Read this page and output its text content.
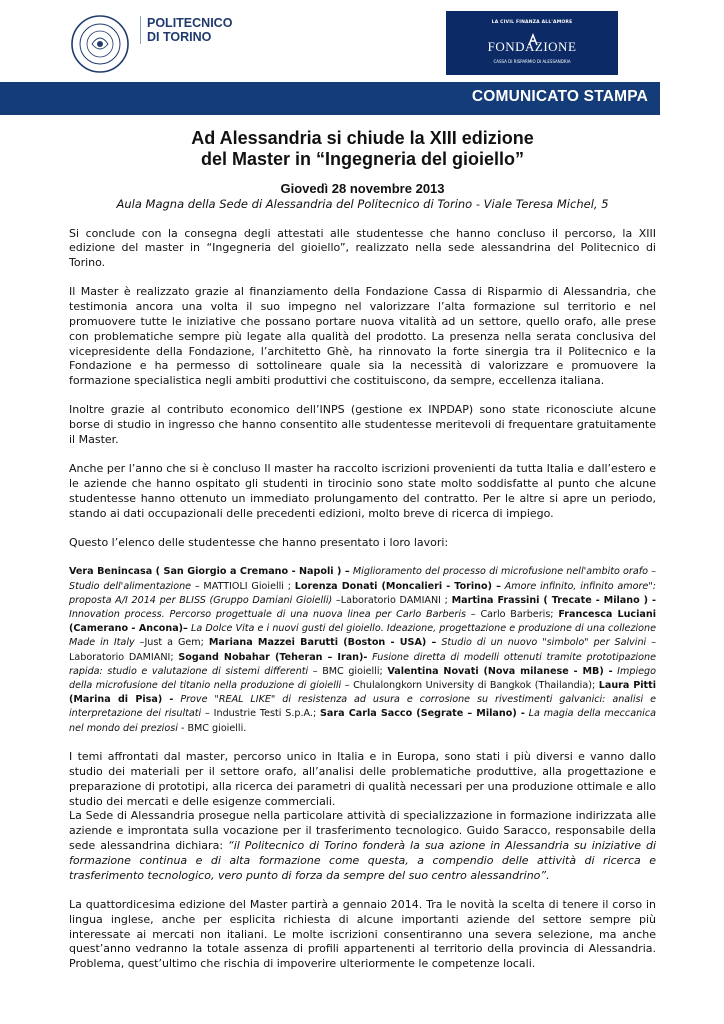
POLITECNICO
DI TORINO
LA CIVIL FINANZA ALL'AMORE
FONDAZIONE
CASSA DI RISPARMIO DI ALESSANDRIA
COMUNICATO STAMPA
Ad Alessandria si chiude la XIII edizione
del Master in “Ingegneria del gioiello”
Giovedì 28 novembre 2013
Aula Magna della Sede di Alessandria del Politecnico di Torino - Viale Teresa Michel, 5

Si conclude con la consegna degli attestati alle studentesse che hanno concluso il percorso, la XIII edizione del master in “Ingegneria del gioiello”, realizzato nella sede alessandrina del Politecnico di Torino.

Il Master è realizzato grazie al finanziamento della Fondazione Cassa di Risparmio di Alessandria, che testimonia ancora una volta il suo impegno nel valorizzare l’alta formazione sul territorio e nel promuovere tutte le iniziative che possano portare nuova vitalità ad un settore, quello orafo, alle prese con problematiche sempre più legate alla qualità del prodotto. La presenza nella serata conclusiva del vicepresidente della Fondazione, l’architetto Ghè, ha rinnovato la forte sinergia tra il Politecnico e la Fondazione e ha permesso di sottolineare quale sia la necessità di valorizzare e promuovere la formazione specialistica negli ambiti produttivi che costituiscono, da sempre, eccellenza italiana.

Inoltre grazie al contributo economico dell’INPS (gestione ex INPDAP) sono state riconosciute alcune borse di studio in ingresso che hanno consentito alle studentesse meritevoli di frequentare gratuitamente il Master.

Anche per l’anno che si è concluso Il master ha raccolto iscrizioni provenienti da tutta Italia e dall’estero e le aziende che hanno ospitato gli studenti in tirocinio sono state molto soddisfatte al punto che alcune studentesse hanno ottenuto un immediato prolungamento del contratto. Per le altre si apre un periodo, stando ai dati occupazionali delle precedenti edizioni, molto breve di ricerca di impiego.

Questo l’elenco delle studentesse che hanno presentato i loro lavori:

Vera Benincasa ( San Giorgio a Cremano - Napoli ) – Miglioramento del processo di microfusione nell'ambito orafo – Studio dell'alimentazione – MATTIOLI Gioielli ; Lorenza Donati (Moncalieri - Torino) – Amore infinito, infinito amore": proposta A/I 2014 per BLISS (Gruppo Damiani Gioielli) –Laboratorio DAMIANI ; Martina Frassini ( Trecate - Milano ) - Innovation process. Percorso progettuale di una nuova linea per Carlo Barberis – Carlo Barberis; Francesca Luciani (Camerano - Ancona)– La Dolce Vita e i nuovi gusti del gioiello. Ideazione, progettazione e produzione di una collezione Made in Italy –Just a Gem; Mariana Mazzei Barutti (Boston - USA) – Studio di un nuovo "simbolo" per Salvini – Laboratorio DAMIANI; Sogand Nobahar (Teheran – Iran)- Fusione diretta di modelli ottenuti tramite prototipazione rapida: studio e valutazione di sistemi differenti – BMC gioielli; Valentina Novati (Nova milanese - MB) - Impiego della microfusione del titanio nella produzione di gioielli – Chulalongkorn University di Bangkok (Thailandia); Laura Pitti (Marina di Pisa) - Prove "REAL LIKE" di resistenza ad usura e corrosione su rivestimenti galvanici: analisi e interpretazione dei risultati – Industrie Testi S.p.A.; Sara Carla Sacco (Segrate – Milano) - La magia della meccanica nel mondo dei preziosi - BMC gioielli.

I temi affrontati dal master, percorso unico in Italia e in Europa, sono stati i più diversi e vanno dallo studio dei materiali per il settore orafo, all’analisi delle problematiche produttive, alla progettazione e preparazione di prototipi, alla ricerca dei parametri di qualità necessari per una produzione ottimale e allo studio dei mercati e delle esigenze commerciali.

La Sede di Alessandria prosegue nella particolare attività di specializzazione in formazione indirizzata alle aziende e improntata sulla vocazione per il trasferimento tecnologico. Guido Saracco, responsabile della sede alessandrina dichiara: “il Politecnico di Torino fonderà la sua azione in Alessandria su iniziative di formazione continua e di alta formazione come questa, a compendio delle attività di ricerca e trasferimento tecnologico, vero punto di forza da sempre del suo centro alessandrino”.

La quattordicesima edizione del Master partirà a gennaio 2014. Tra le novità la scelta di tenere il corso in lingua inglese, anche per esplicita richiesta di alcune importanti aziende del settore sempre più interessate ai mercati non italiani. Le molte iscrizioni consentiranno una severa selezione, ma anche quest’anno vedranno la totale assenza di profili appartenenti al territorio della provincia di Alessandria. Problema, quest’ultimo che rischia di impoverire ulteriormente le competenze locali.
